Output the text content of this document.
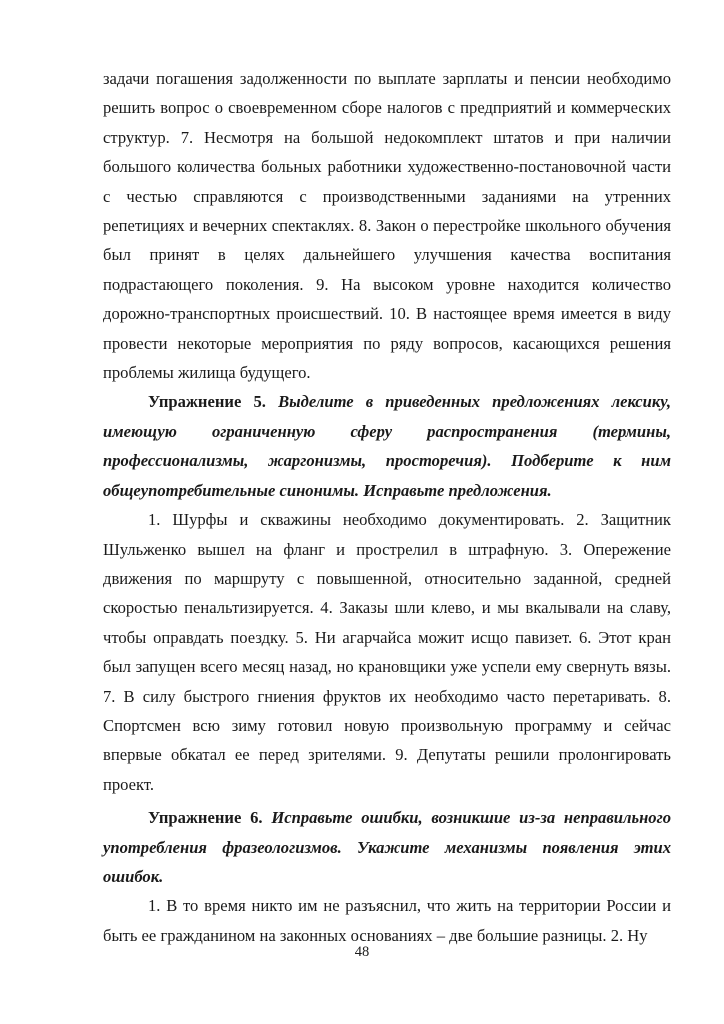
задачи погашения задолженности по выплате зарплаты и пенсии необходимо решить вопрос о своевременном сборе налогов с предприятий и коммерческих структур. 7. Несмотря на большой недокомплект штатов и при наличии большого количества больных работники художественно-постановочной части с честью справляются с производственными заданиями на утренних репетициях и вечерних спектаклях. 8. Закон о перестройке школьного обучения был принят в целях дальнейшего улучшения качества воспитания подрастающего поколения. 9. На высоком уровне находится количество дорожно-транспортных происшествий. 10. В настоящее время имеется в виду провести некоторые мероприятия по ряду вопросов, касающихся решения проблемы жилища будущего.

Упражнение 5. Выделите в приведенных предложениях лексику, имеющую ограниченную сферу распространения (термины, профессионализмы, жаргонизмы, просторечия). Подберите к ним общеупотребительные синонимы. Исправьте предложения.

1. Шурфы и скважины необходимо документировать. 2. Защитник Шульженко вышел на фланг и прострелил в штрафную. 3. Опережение движения по маршруту с повышенной, относительно заданной, средней скоростью пенальтизируется. 4. Заказы шли клево, и мы вкалывали на славу, чтобы оправдать поездку. 5. Ни агарчайса можит исщо павизет. 6. Этот кран был запущен всего месяц назад, но крановщики уже успели ему свернуть вязы. 7. В силу быстрого гниения фруктов их необходимо часто перетаривать. 8. Спортсмен всю зиму готовил новую произвольную программу и сейчас впервые обкатал ее перед зрителями. 9. Депутаты решили пролонгировать проект.

Упражнение 6. Исправьте ошибки, возникшие из-за неправильного употребления фразеологизмов. Укажите механизмы появления этих ошибок.

1. В то время никто им не разъяснил, что жить на территории России и быть ее гражданином на законных основаниях – две большие разницы. 2. Ну

48
